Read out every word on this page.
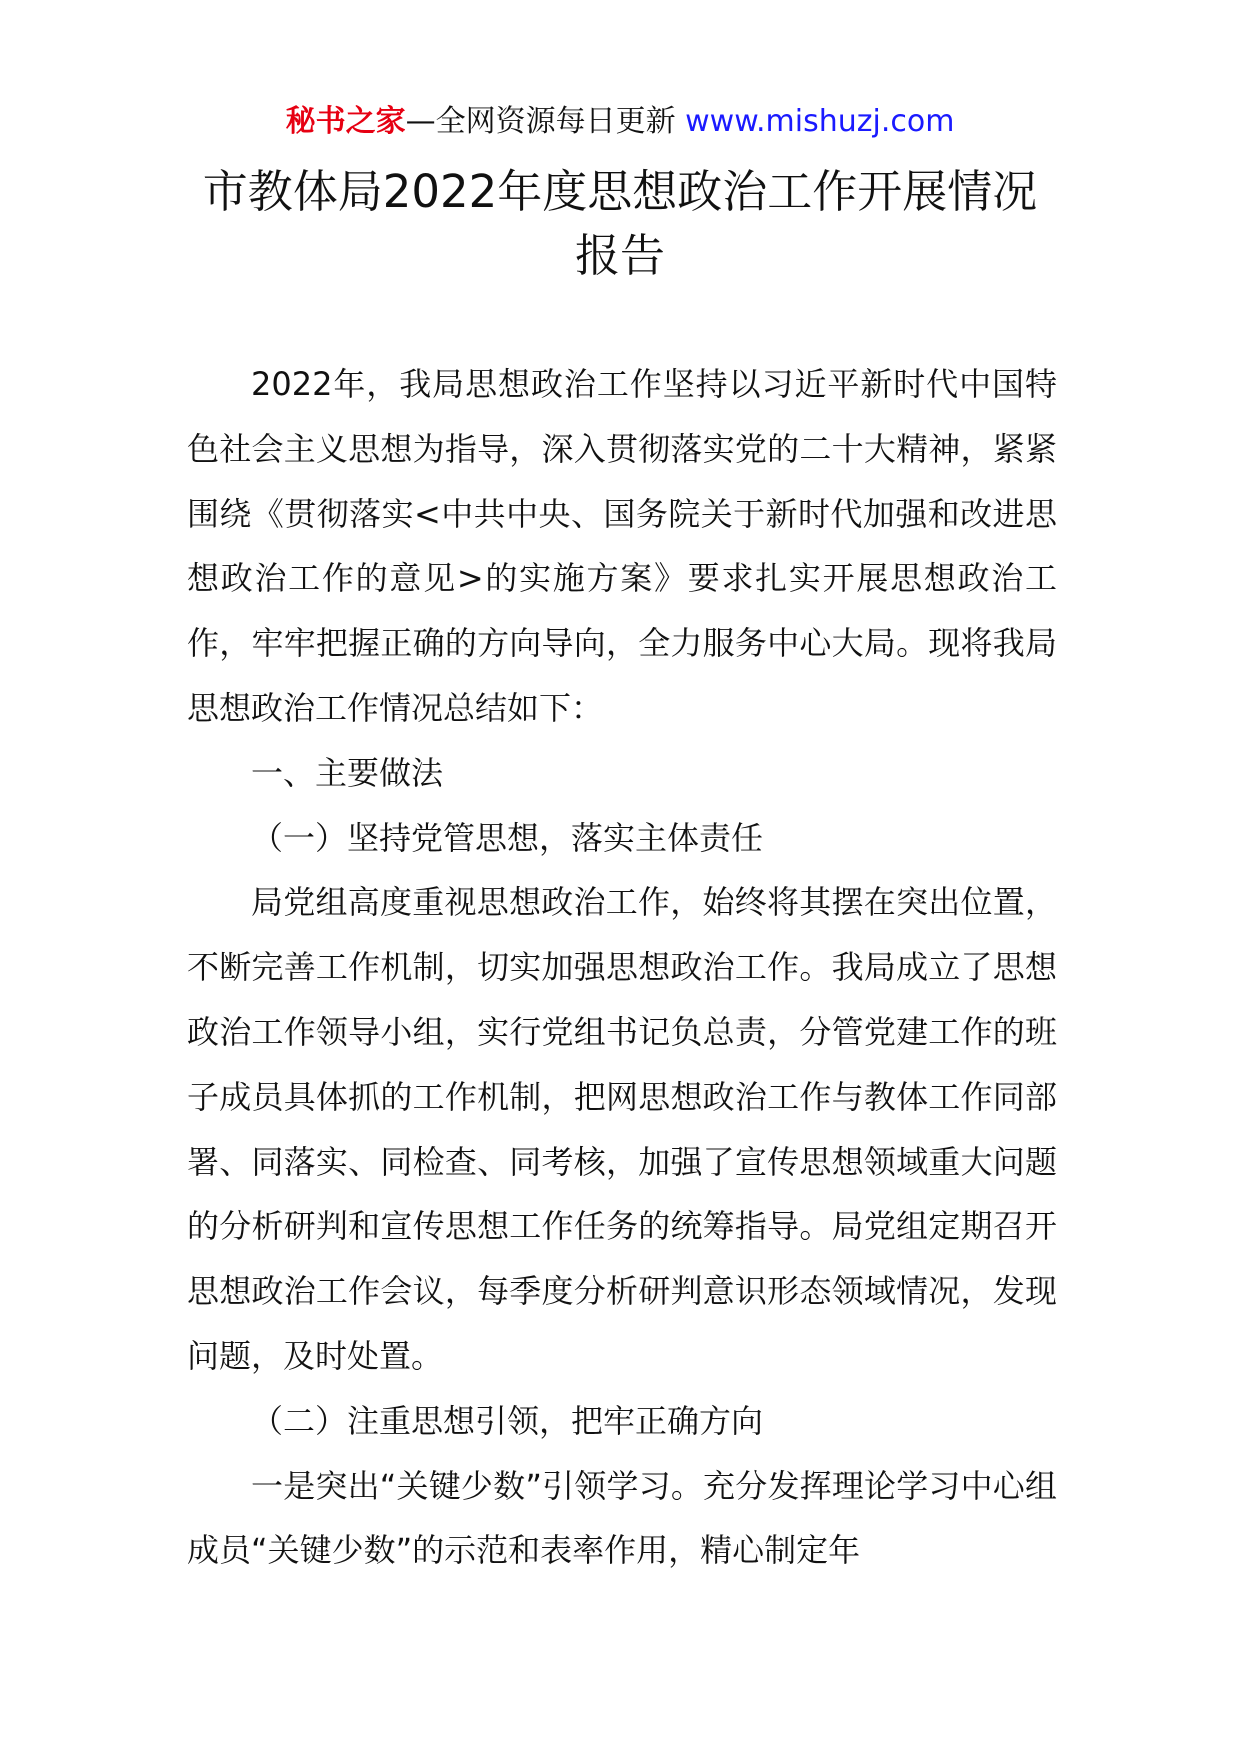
秘书之家—全网资源每日更新 www.mishuzj.com
市教体局2022年度思想政治工作开展情况
报告

2022年，我局思想政治工作坚持以习近平新时代中国特色社会主义思想为指导，深入贯彻落实党的二十大精神，紧紧围绕《贯彻落实<中共中央、国务院关于新时代加强和改进思想政治工作的意见>的实施方案》要求扎实开展思想政治工作，牢牢把握正确的方向导向，全力服务中心大局。现将我局思想政治工作情况总结如下：

一、主要做法

（一）坚持党管思想，落实主体责任

局党组高度重视思想政治工作，始终将其摆在突出位置，不断完善工作机制，切实加强思想政治工作。我局成立了思想政治工作领导小组，实行党组书记负总责，分管党建工作的班子成员具体抓的工作机制，把网思想政治工作与教体工作同部署、同落实、同检查、同考核，加强了宣传思想领域重大问题的分析研判和宣传思想工作任务的统筹指导。局党组定期召开思想政治工作会议，每季度分析研判意识形态领域情况，发现问题，及时处置。

（二）注重思想引领，把牢正确方向

一是突出“关键少数”引领学习。充分发挥理论学习中心组成员“关键少数”的示范和表率作用，精心制定年
